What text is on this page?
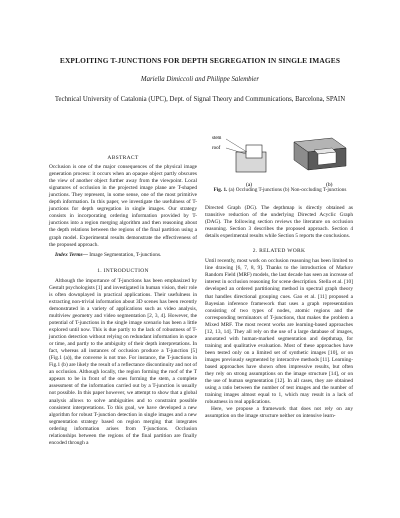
EXPLOITING T-JUNCTIONS FOR DEPTH SEGREGATION IN SINGLE IMAGES
Mariella Dimiccoli and Philippe Salembier
Technical University of Catalonia (UPC), Dept. of Signal Theory and Communications, Barcelona, SPAIN
ABSTRACT

Occlusion is one of the major consequences of the physical image generation process: it occurs when an opaque object partly obscures the view of another object further away from the viewpoint. Local signatures of occlusion in the projected image plane are T-shaped junctions. They represent, in some sense, one of the most primitive depth information. In this paper, we investigate the usefulness of T-junctions for depth segregation in single images. Our strategy consists in incorporating ordering information provided by T-junctions into a region merging algorithm and then reasoning about the depth relations between the regions of the final partition using a graph model. Experimental results demonstrate the effectiveness of the proposed approach.

Index Terms— Image Segmentation, T-junctions.

1. INTRODUCTION

Although the importance of T-junctions has been emphasized by Gestalt psychologists [1] and investigated in human vision, their role is often downplayed in practical applications. Their usefulness in extracting non-trivial information about 3D scenes has been recently demonstrated in a variety of applications such as video analysis, multiview geometry and video segmentation [2, 3, 4]. However, the potential of T-junctions in the single image scenario has been a little explored until now. This is due partly to the lack of robustness of T-junction detection without relying on redundant information in space or time, and partly to the ambiguity of their depth interpretations. In fact, whereas all instances of occlusion produce a T-junction [5] (Fig.1 (a)), the converse is not true. For instance, the T-junctions in Fig.1 (b) are likely the result of a reflectance discontinuity and not of an occlusion. Although locally, the region forming the roof of the T appears to be in front of the ones forming the stem, a complete assessment of the information carried out by a T-junction is usually not possible. In this paper however, we attempt to show that a global analysis allows to solve ambiguities and to constraint possible consistent interpretations. To this goal, we have developed a new algorithm for robust T-junction detection in single images and a new segmentation strategy based on region merging that integrates ordering information arises from T-junctions. Occlusion relationships between the regions of the final partition are finally encoded through a

stem
roof
(a)	(b)
Fig. 1. (a) Occluding T-junctions (b) Non-occluding T-junctions

Directed Graph (DG). The depthmap is directly obtained as transitive reduction of the underlying Directed Acyclic Graph (DAG). The following section reviews the literature on occlusion reasoning. Section 3 describes the proposed approach. Section 4 details experimental results while Section 5 reports the conclusions.

2. RELATED WORK

Until recently, most work on occlusion reasoning has been limited to line drawing [6, 7, 8, 9]. Thanks to the introduction of Markov Random Field (MRF) models, the last decade has seen an increase of interest in occlusion reasoning for scene description. Stella et al. [10] developed an ordered partitioning method in spectral graph theory that handles directional grouping cues. Gao et al. [11] proposed a Bayesian inference framework that uses a graph representation consisting of two types of nodes, atomic regions and the corresponding terminators of T-junctions, that makes the problem a Mixed MRF. The most recent works are learning-based approaches [12, 13, 14]. They all rely on the use of a large database of images, annotated with human-marked segmentation and depthmap, for training and qualitative evaluation. Most of these approaches have been tested only on a limited set of synthetic images [10], or on images previously segmented by interactive methods [11]. Learning-based approaches have shown often impressive results, but often they rely on strong assumptions on the image structure [14], or on the use of human segmentation [12]. In all cases, they are obtained using a ratio between the number of test images and the number of training images almost equal to 1, which may result in a lack of robustness in real applications.

Here, we propose a framework that does not rely on any assumption on the image structure neither on intensive learn-
